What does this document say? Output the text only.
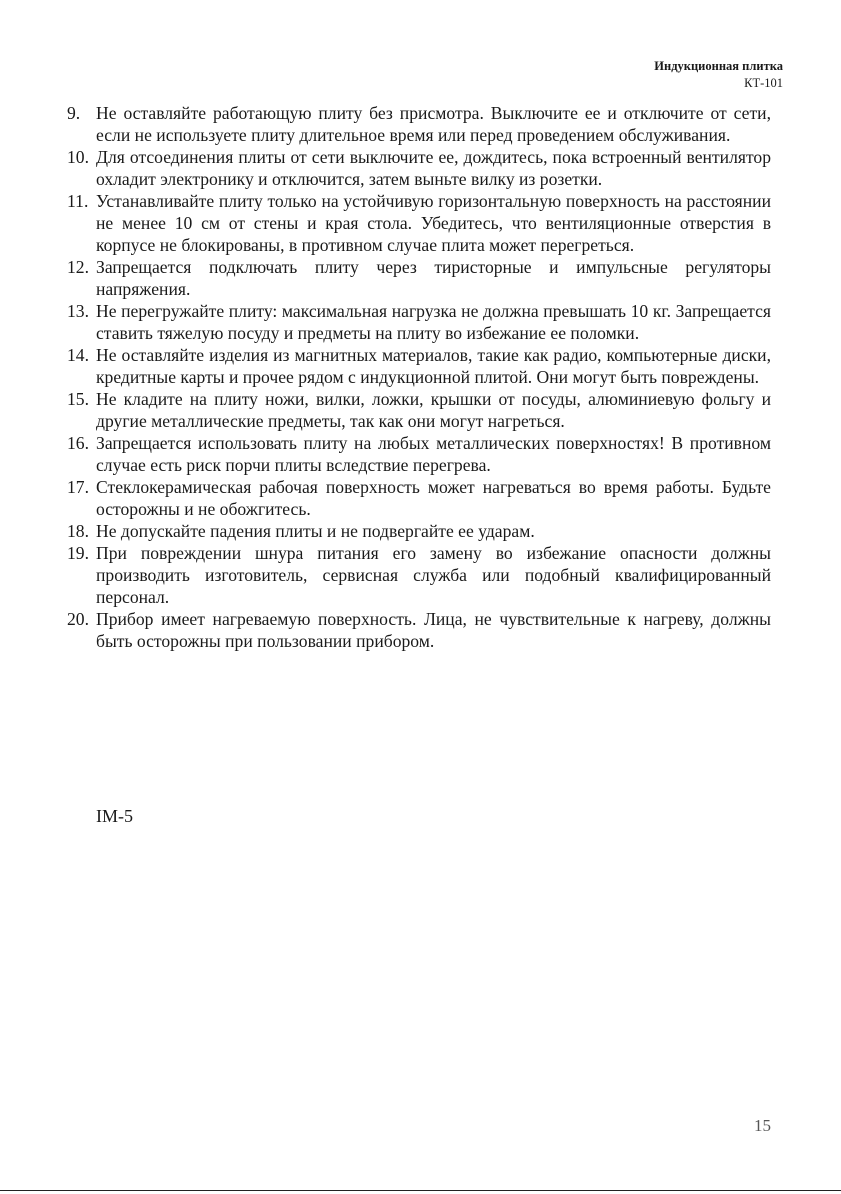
Индукционная плитка
КТ-101
9. Не оставляйте работающую плиту без присмотра. Выключите ее и отключите от сети, если не используете плиту длительное время или перед проведением обслуживания.
10. Для отсоединения плиты от сети выключите ее, дождитесь, пока встроенный вентилятор охладит электронику и отключится, затем выньте вилку из розетки.
11. Устанавливайте плиту только на устойчивую горизонтальную поверхность на расстоянии не менее 10 см от стены и края стола. Убедитесь, что вентиляционные отверстия в корпусе не блокированы, в противном случае плита может перегреться.
12. Запрещается подключать плиту через тиристорные и импульсные регуляторы напряжения.
13. Не перегружайте плиту: максимальная нагрузка не должна превышать 10 кг. Запрещается ставить тяжелую посуду и предметы на плиту во избежание ее поломки.
14. Не оставляйте изделия из магнитных материалов, такие как радио, компьютерные диски, кредитные карты и прочее рядом с индукционной плитой. Они могут быть повреждены.
15. Не кладите на плиту ножи, вилки, ложки, крышки от посуды, алюминиевую фольгу и другие металлические предметы, так как они могут нагреться.
16. Запрещается использовать плиту на любых металлических поверхностях! В противном случае есть риск порчи плиты вследствие перегрева.
17. Стеклокерамическая рабочая поверхность может нагреваться во время работы. Будьте осторожны и не обожгитесь.
18. Не допускайте падения плиты и не подвергайте ее ударам.
19. При повреждении шнура питания его замену во избежание опасности должны производить изготовитель, сервисная служба или подобный квалифицированный персонал.
20. Прибор имеет нагреваемую поверхность. Лица, не чувствительные к нагреву, должны быть осторожны при пользовании прибором.
IM-5
15
